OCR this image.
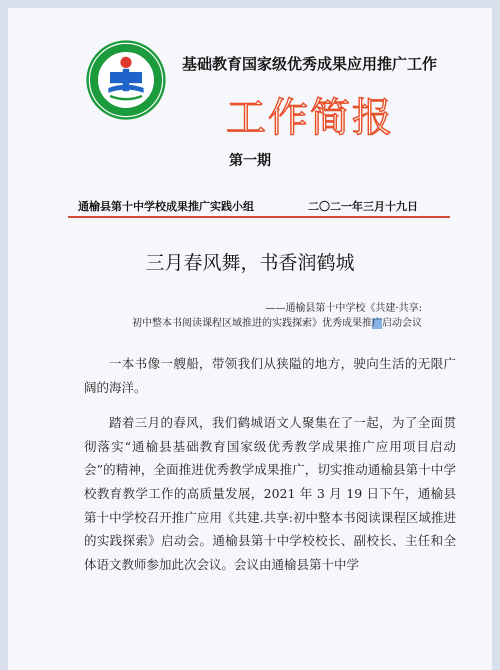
基础教育国家级优秀成果应用推广工作
工作简报
第一期
通榆县第十中学校成果推广实践小组	二〇二一年三月十九日
三月春风舞，书香润鹤城
——通榆县第十中学校《共建·共享:
初中整本书阅读课程区域推进的实践探索》优秀成果推广启动会议

一本书像一艘船，带领我们从狭隘的地方，驶向生活的无限广阔的海洋。

踏着三月的春风，我们鹤城语文人聚集在了一起，为了全面贯彻落实“通榆县基础教育国家级优秀教学成果推广应用项目启动会”的精神，全面推进优秀教学成果推广，切实推动通榆县第十中学校教育教学工作的高质量发展，2021 年 3 月 19 日下午，通榆县第十中学校召开推广应用《共建.共享:初中整本书阅读课程区域推进的实践探索》启动会。通榆县第十中学校校长、副校长、主任和全体语文教师参加此次会议。会议由通榆县第十中学
